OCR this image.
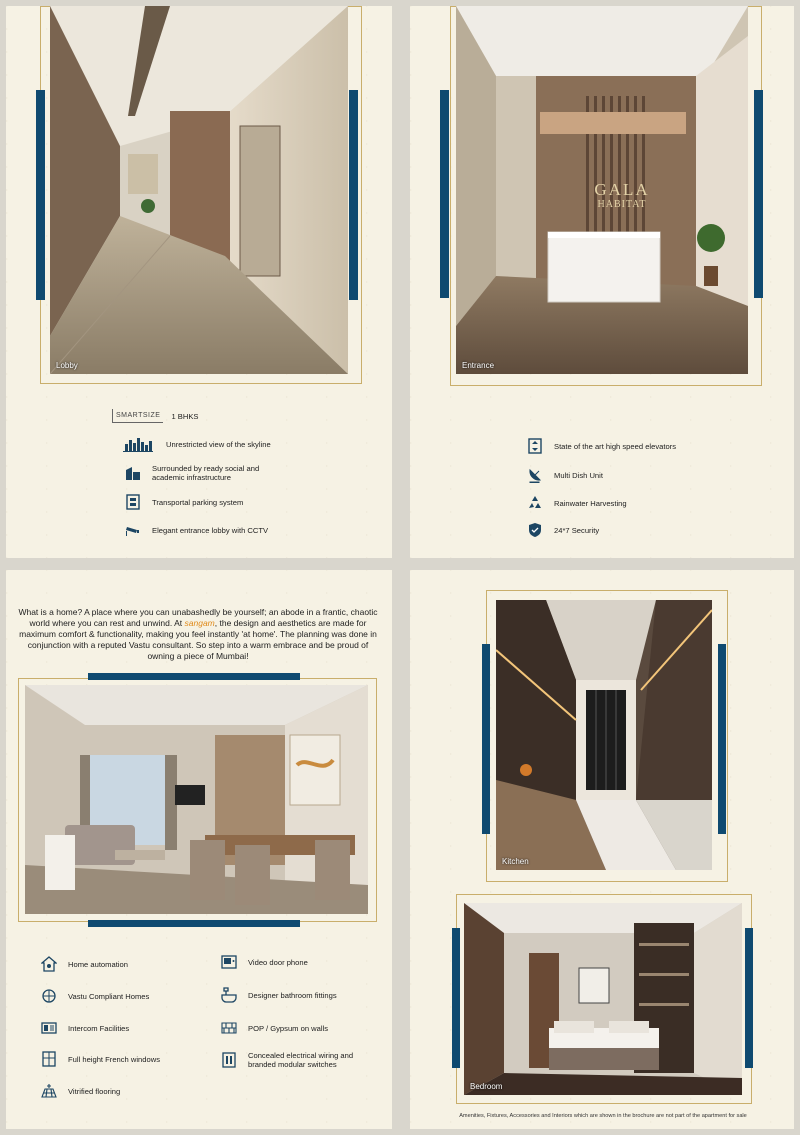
Lobby
SMARTSIZE	1 BHKS
Unrestricted view of the skyline
Surrounded by ready social and academic infrastructure
Transportal parking system
Elegant entrance lobby with CCTV
GALA
HABITAT
Entrance
State of the art high speed elevators
Multi Dish Unit
Rainwater Harvesting
24*7 Security

What is a home? A place where you can unabashedly be yourself; an abode in a frantic, chaotic world where you can rest and unwind. At sangam, the design and aesthetics are made for maximum comfort & functionality, making you feel instantly 'at home'. The planning was done in conjunction with a reputed Vastu consultant. So step into a warm embrace and be proud of owning a piece of Mumbai!

Home automation
Vastu Compliant Homes
Intercom Facilities
Full height French windows
Vitrified flooring
Video door phone
Designer bathroom fittings
POP / Gypsum on walls
Concealed electrical wiring and branded modular switches
Kitchen
Bedroom
Amenities, Fixtures, Accessories and Interiors which are shown in the brochure are not part of the apartment for sale
